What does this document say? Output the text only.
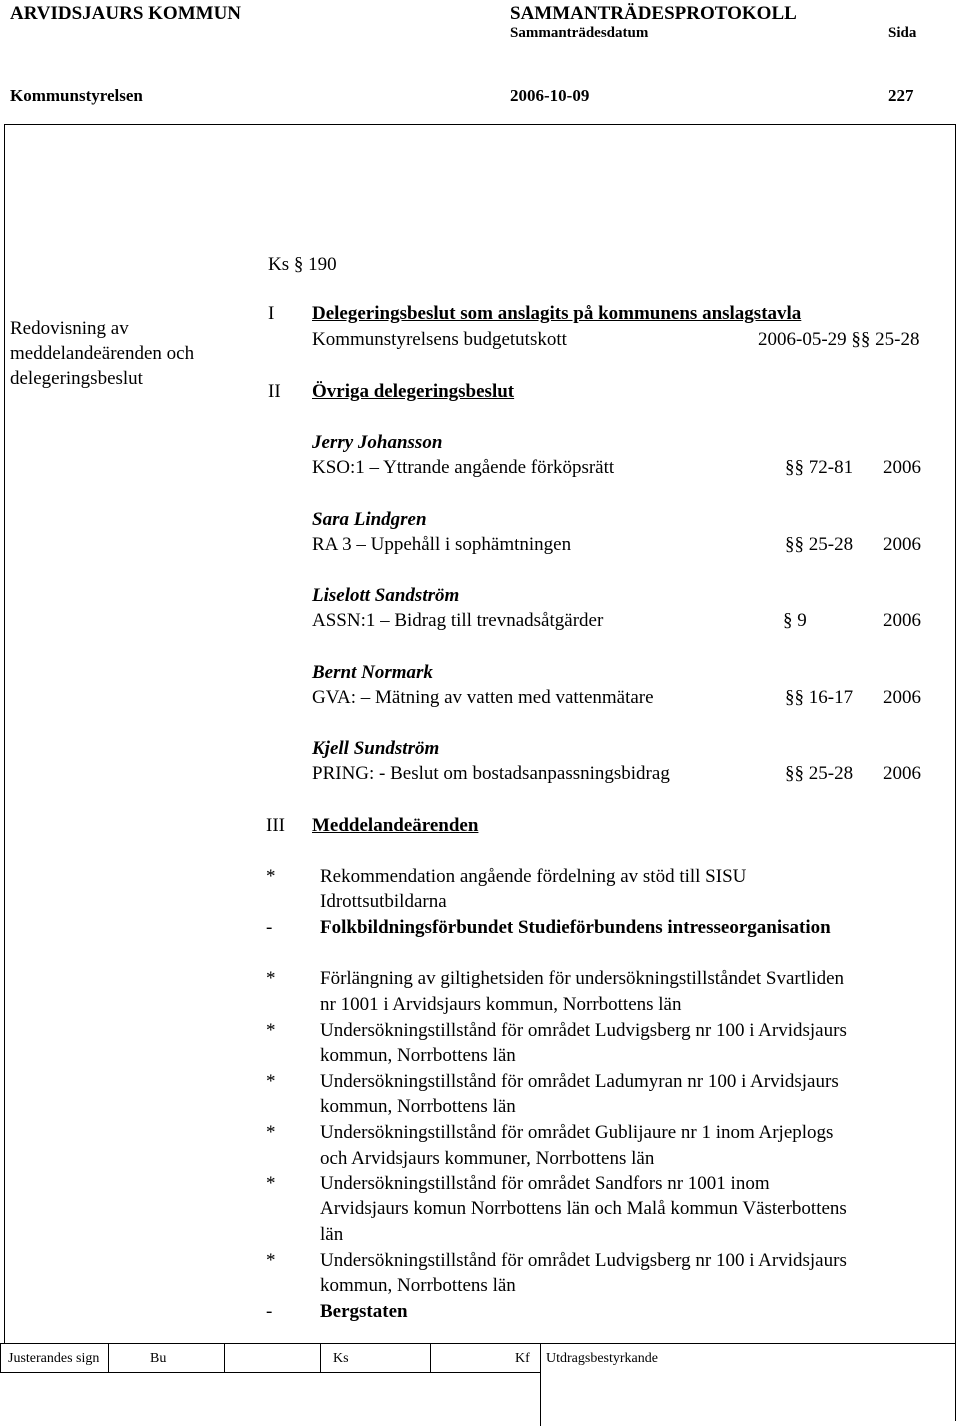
ARVIDSJAURS KOMMUN	SAMMANTRÄDESPROTOKOLL
Sammanträdesdatum	Sida
Kommunstyrelsen	2006-10-09	227
Ks § 190
Redovisning av
meddelandeärenden och
delegeringsbeslut
I Delegeringsbeslut som anslagits på kommunens anslagstavla
Kommunstyrelsens budgetutskott	2006-05-29 §§ 25-28
II Övriga delegeringsbeslut
Jerry Johansson
KSO:1 – Yttrande angående förköpsrätt	§§ 72-81 2006
Sara Lindgren
RA 3 – Uppehåll i sophämtningen	§§ 25-28 2006
Liselott Sandström
ASSN:1 – Bidrag till trevnadsåtgärder	§ 9	2006
Bernt Normark
GVA: – Mätning av vatten med vattenmätare	§§ 16-17 2006
Kjell Sundström
PRING: - Beslut om bostadsanpassningsbidrag	§§ 25-28 2006
III Meddelandeärenden
* Rekommendation angående fördelning av stöd till SISU
Idrottsutbildarna
-	Folkbildningsförbundet Studieförbundens intresseorganisation
* Förlängning av giltighetsiden för undersökningstillståndet Svartliden
nr 1001 i Arvidsjaurs kommun, Norrbottens län
* Undersökningstillstånd för området Ludvigsberg nr 100 i Arvidsjaurs
kommun, Norrbottens län
* Undersökningstillstånd för området Ladumyran nr 100 i Arvidsjaurs
kommun, Norrbottens län
* Undersökningstillstånd för området Gublijaure nr 1 inom Arjeplogs
och Arvidsjaurs kommuner, Norrbottens län
* Undersökningstillstånd för området Sandfors nr 1001 inom
Arvidsjaurs komun Norrbottens län och Malå kommun Västerbottens
län
* Undersökningstillstånd för området Ludvigsberg nr 100 i Arvidsjaurs
kommun, Norrbottens län
-	Bergstaten
Justerandes sign	Bu	Ks	Kf Utdragsbestyrkande
